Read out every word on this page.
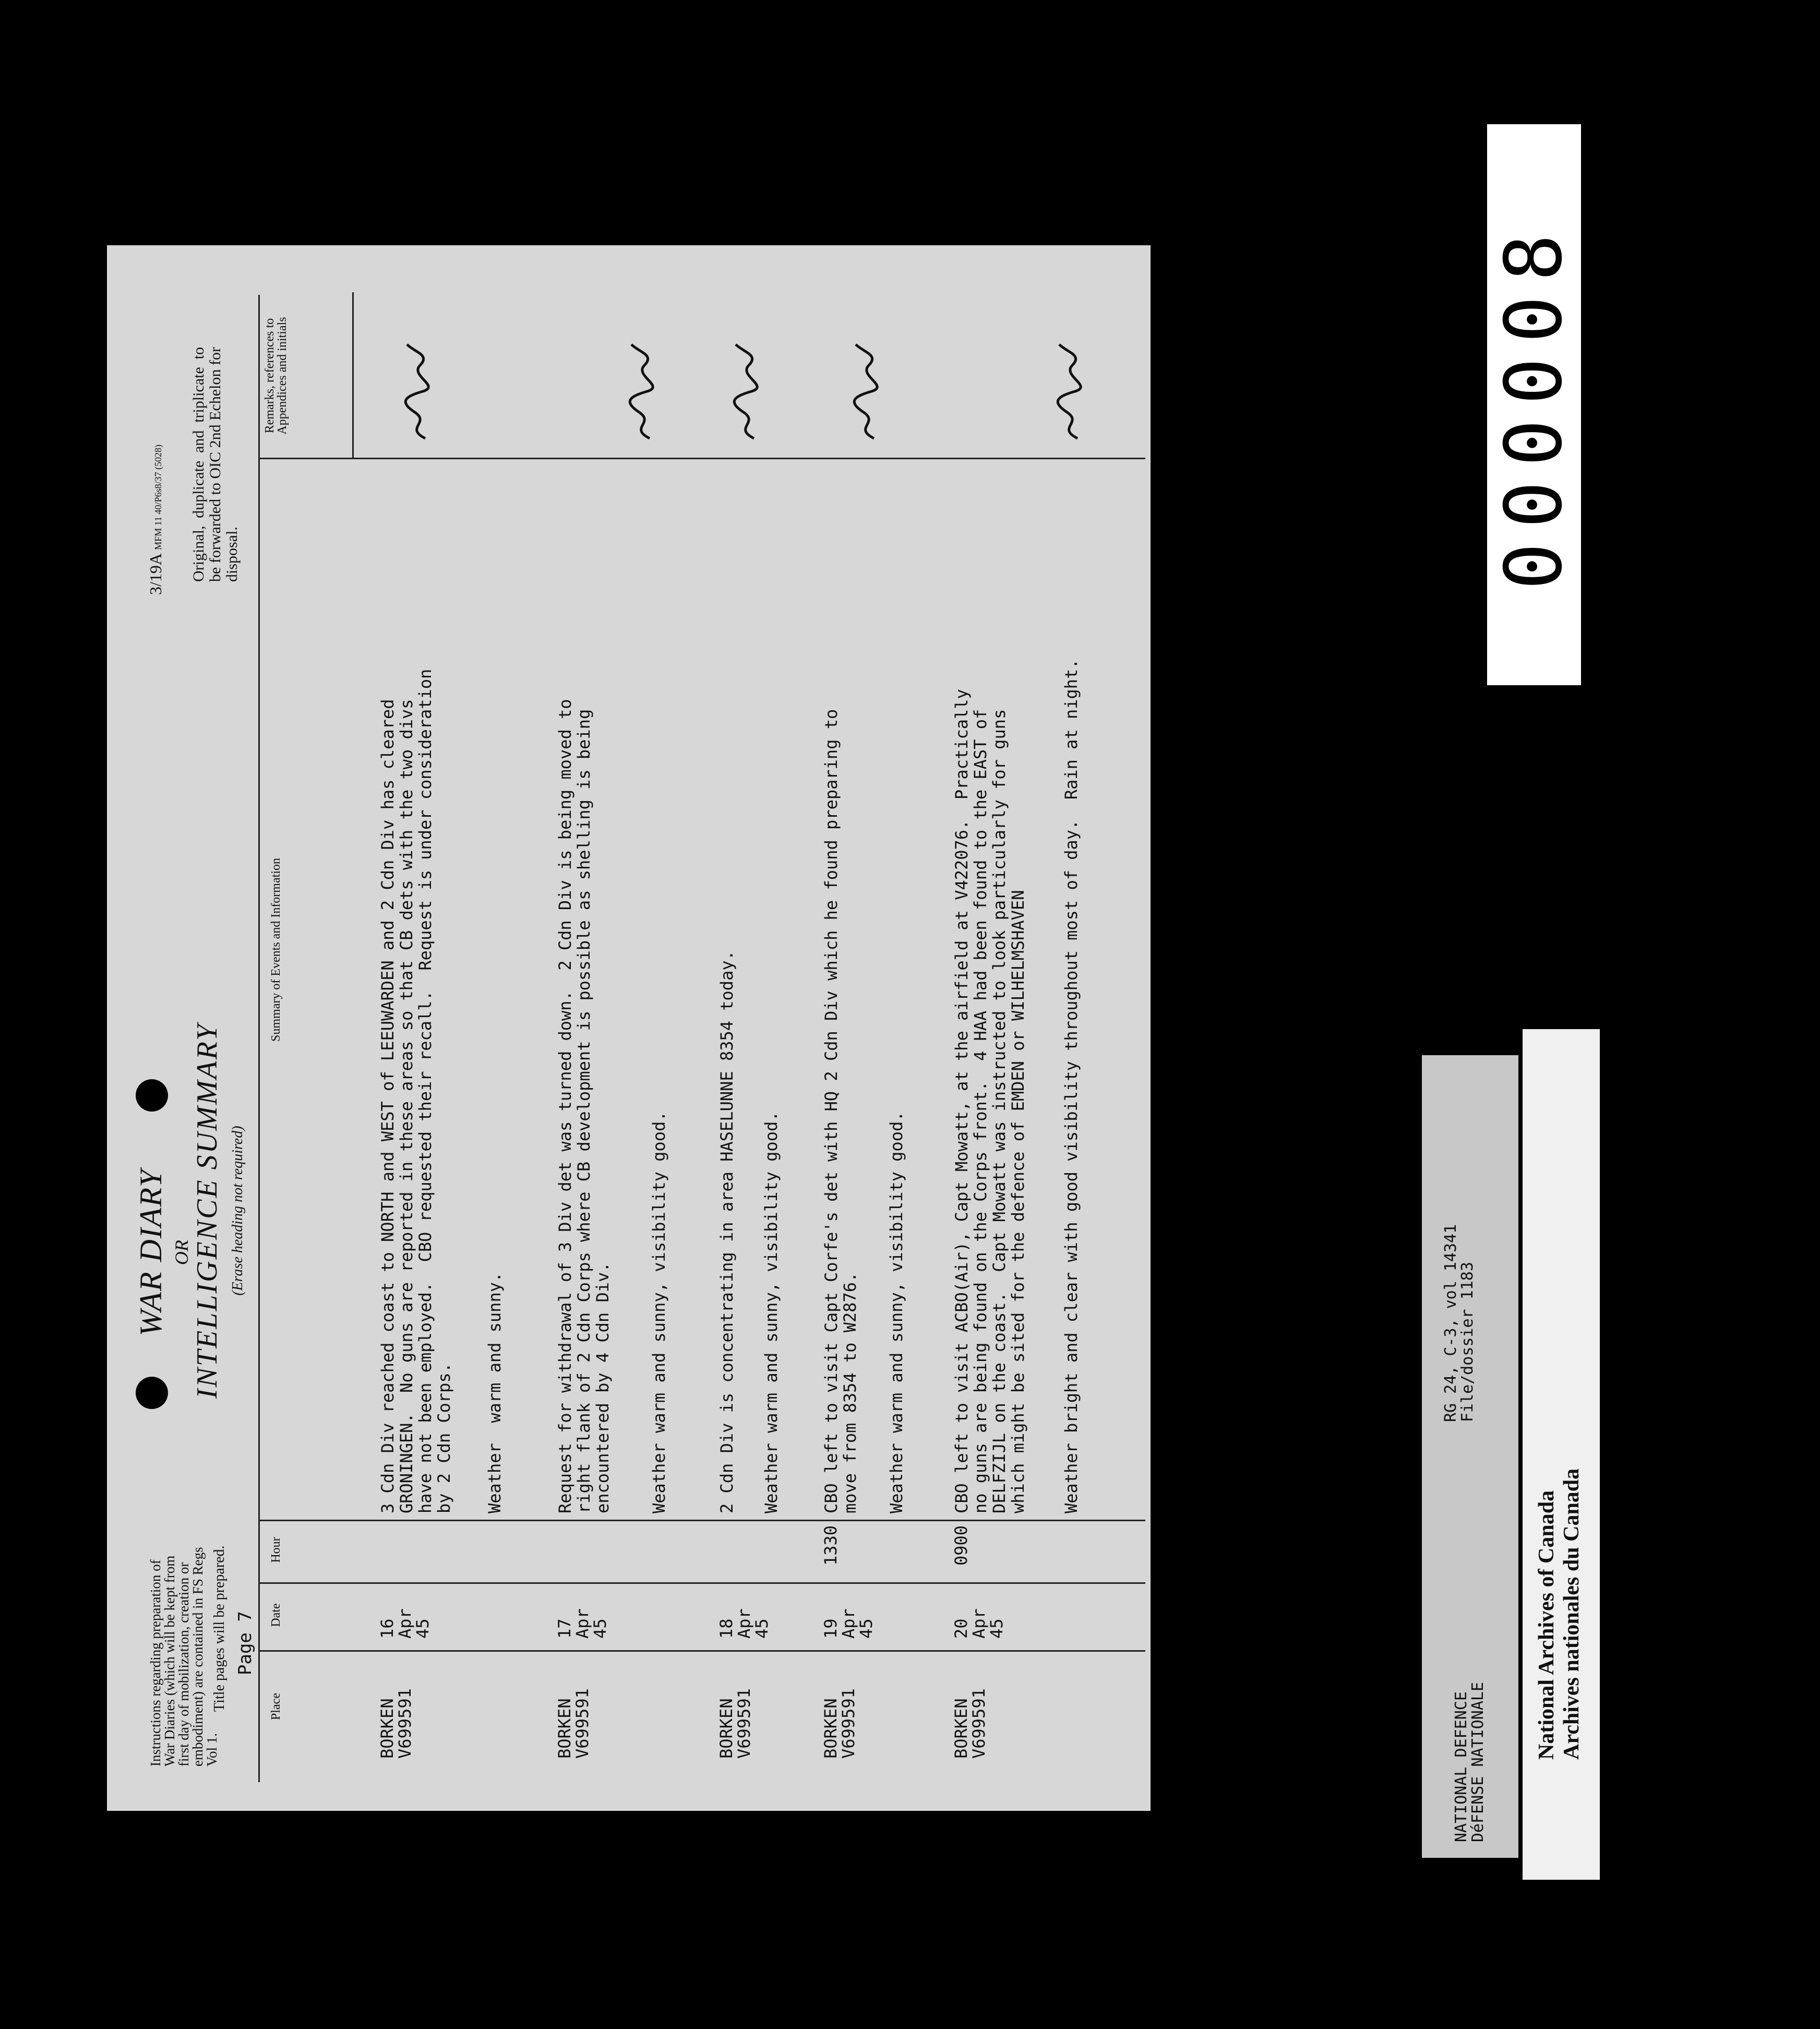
Instructions regarding preparation of War Diaries (which will be kept from first day of mobilization, creation or embodiment) are contained in FS Regs Vol 1.
Title pages will be prepared. Page 7
WAR DIARY OR
INTELLIGENCE SUMMARY (Erase heading not required)
3/19A MFM 11 40/P6s8/37 (5028) Original, duplicate and triplicate to be forwarded to OIC 2nd Echelon for disposal.
Place
Date
Hour
Summary of Events and Information
Remarks, references to Appendices and initials
BORKEN
V699591
16
Apr
45
3 Cdn Div reached coast to NORTH and WEST of LEEUWARDEN and 2 Cdn Div has cleared
GRONINGEN.  No guns are reported in these areas so that CB dets with the two divs
have not been employed.  CBO requested their recall.  Request is under consideration
by 2 Cdn Corps. Weather  warm and sunny.
BORKEN
V699591
17
Apr
45
Request for withdrawal of 3 Div det was turned down.  2 Cdn Div is being moved to
right flank of 2 Cdn Corps where CB development is possible as shelling is being
encountered by 4 Cdn Div. Weather warm and sunny, visibility good.
BORKEN
V699591
18
Apr
45
2 Cdn Div is concentrating in area HASELUNNE 8354 today. Weather warm and sunny, visibility good.
BORKEN
V699591
19
Apr
45
1330
CBO left to visit Capt Corfe's det with HQ 2 Cdn Div which he found preparing to
move from 8354 to W2876. Weather warm and sunny, visibility good.
BORKEN
V699591
20
Apr
45
0900
CBO left to visit ACBO(Air), Capt Mowatt, at the airfield at V422076.  Practically
no guns are being found on the Corps front.  4 HAA had been found to the EAST of
DELFZIJL on the coast.  Capt Mowatt was instructed to look particularly for guns
which might be sited for the defence of EMDEN or WILHELMSHAVEN Weather bright and clear with good visibility throughout most of day.  Rain at night.
000008
NATIONAL DEFENCE
DéFENSE NATIONALE
RG 24, C-3, vol 14341
File/dossier 1183
National Archives of Canada Archives nationales du Canada
